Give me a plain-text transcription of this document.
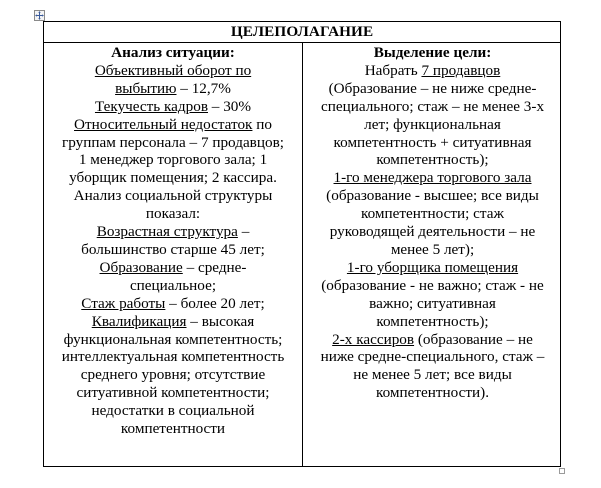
ЦЕЛЕПОЛАГАНИЕ

Анализ ситуации:
Объективный оборот по
выбытию – 12,7%
Текучесть кадров – 30%
Относительный недостаток по
группам персонала – 7 продавцов;
1 менеджер торгового зала; 1
уборщик помещения; 2 кассира.
Анализ социальной структуры
показал:
Возрастная структура –
большинство старше 45 лет;
Образование – средне-
специальное;
Стаж работы – более 20 лет;
Квалификация – высокая
функциональная компетентность;
интеллектуальная компетентность
среднего уровня; отсутствие
ситуативной компетентности;
недостатки в социальной
компетентности

Выделение цели:
Набрать 7 продавцов
(Образование – не ниже средне-
специального; стаж – не менее 3-х
лет; функциональная
компетентность + ситуативная
компетентность);
1-го менеджера торгового зала
(образование - высшее; все виды
компетентности; стаж
руководящей деятельности – не
менее 5 лет);
1-го уборщика помещения
(образование - не важно; стаж - не
важно; ситуативная
компетентность);
2-х кассиров (образование – не
ниже средне-специального, стаж –
не менее 5 лет; все виды
компетентности).
